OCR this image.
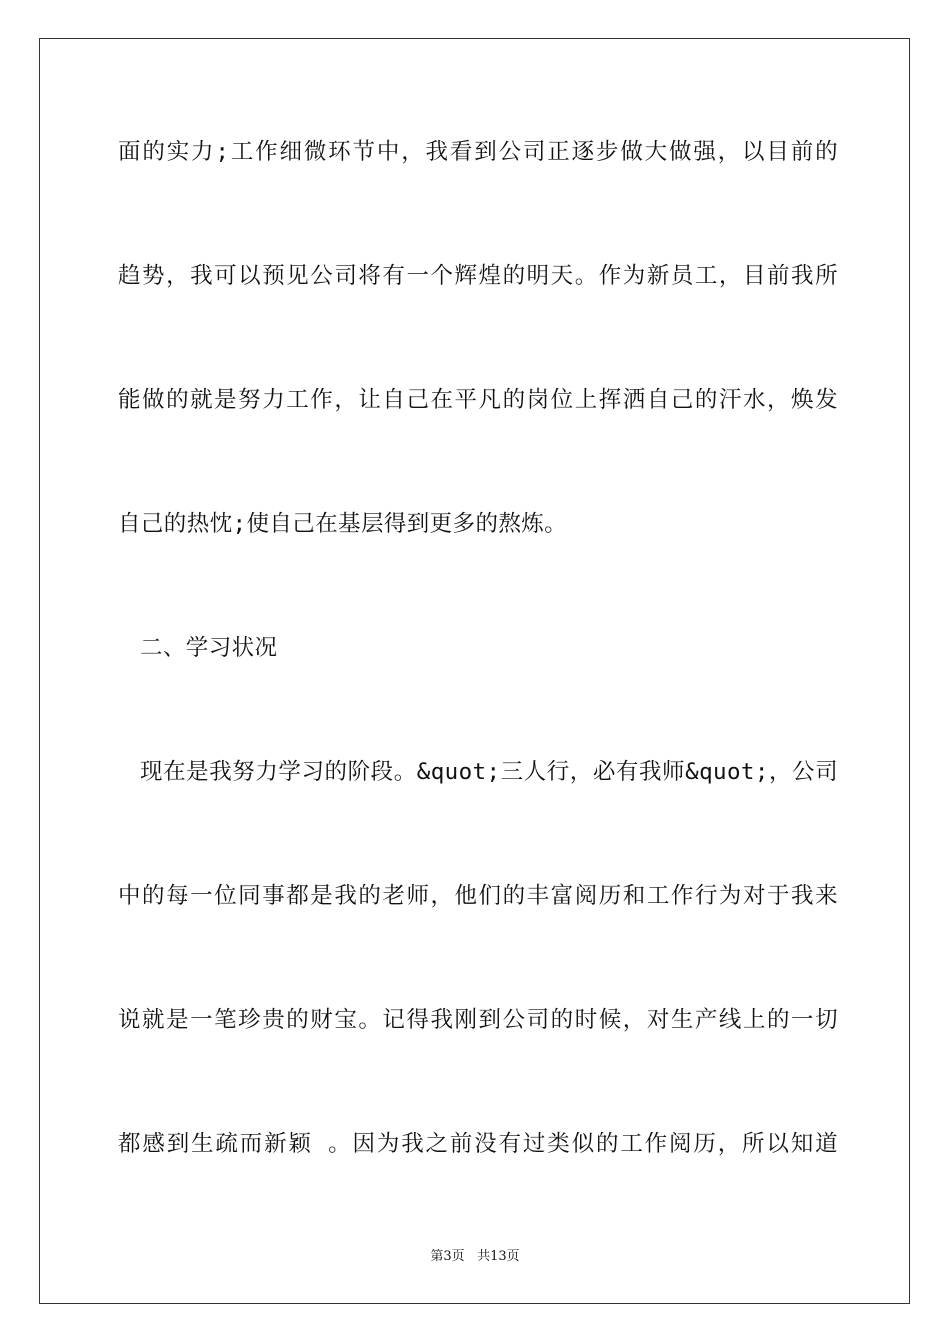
面的实力;工作细微环节中，我看到公司正逐步做大做强，以目前的
趋势，我可以预见公司将有一个辉煌的明天。作为新员工，目前我所
能做的就是努力工作，让自己在平凡的岗位上挥洒自己的汗水，焕发
自己的热忱;使自己在基层得到更多的熬炼。
二、学习状况
现在是我努力学习的阶段。&quot;三人行，必有我师&quot;，公司
中的每一位同事都是我的老师，他们的丰富阅历和工作行为对于我来
说就是一笔珍贵的财宝。记得我刚到公司的时候，对生产线上的一切
都感到生疏而新颖 。因为我之前没有过类似的工作阅历，所以知道
第3页 共13页
